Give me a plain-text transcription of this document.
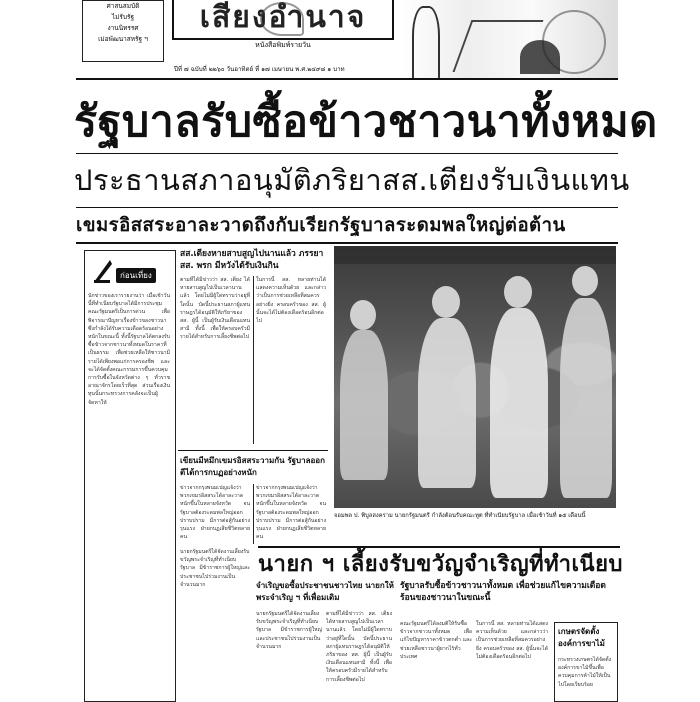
ศาสนสมบัติ
ไม่รับรัฐ
งานนิทรรศ
เม่อพัฒนาสหรัฐ ฯ
เสียงอำนาจ
หนังสือพิมพ์รายวัน
ปีที่ ๗ ฉบับที่ ๒๒๖๐ วันอาทิตย์ ที่ ๑๗ เมษายน พ.ศ.๒๔๙๘ ๑ บาท
รัฐบาลรับซื้อข้าวชาวนาทั้งหมด
ประธานสภาอนุมัติภริยาสส.เตียงรับเงินแทน
เขมรอิสสระอาละวาดถึงกับเรียกรัฐบาลระดมพลใหญ่ต่อต้าน
ก่อนเที่ยง
นักข่าวของเรารายงานว่า เมื่อเช้าวันนี้ที่ทำเนียบรัฐบาลได้มีการประชุมคณะรัฐมนตรีเป็นการด่วน เพื่อพิจารณาปัญหาเรื่องข้าวของชาวนาซึ่งกำลังได้รับความเดือดร้อนอย่างหนักในขณะนี้ ทั้งนี้รัฐบาลได้ตกลงรับซื้อข้าวจากชาวนาทั้งหมดในราคาที่เป็นธรรม เพื่อช่วยเหลือให้ชาวนามีรายได้เพียงพอแก่การครองชีพ และจะได้จัดตั้งคณะกรรมการขึ้นควบคุมการรับซื้อในจังหวัดต่าง ๆ ทั่วราชอาณาจักรโดยเร็วที่สุด ส่วนเรื่องเงินทุนนั้นกระทรวงการคลังจะเป็นผู้จัดหาให้
สส.เตียงหายสาบสูญไปนานแล้ว ภรรยา สส. พรก มีหวังได้รับเงินกิน
ตามที่ได้มีข่าวว่า สส. เตียง ได้หายสาบสูญไปเป็นเวลานานแล้ว โดยไม่มีผู้ใดทราบว่าอยู่ที่ใดนั้น บัดนี้ประธานสภาผู้แทนราษฎรได้อนุมัติให้ภริยาของ สส. ผู้นี้ เป็นผู้รับเงินเดือนแทนสามี ทั้งนี้ เพื่อให้ครอบครัวมีรายได้สำหรับการเลี้ยงชีพต่อไป
ในการนี้ สส. หลายท่านได้แสดงความเห็นด้วย และกล่าวว่าเป็นการช่วยเหลือที่สมควรอย่างยิ่ง ครอบครัวของ สส. ผู้นั้นจะได้ไม่ต้องเดือดร้อนอีกต่อไป
เขียนมีหมึกเขมรอิสสระวามกัน รัฐบาลออกตีได้การกบฏอย่างหนัก
ข่าวจากกรุงพนมเปญแจ้งว่า พวกเขมรอิสสระได้อาละวาดหนักขึ้นในหลายจังหวัด จนรัฐบาลต้องระดมพลใหญ่ออกปราบปราม มีการต่อสู้กันอย่างรุนแรง ฝ่ายกบฏเสียชีวิตหลายคน
ข่าวจากกรุงพนมเปญแจ้งว่า พวกเขมรอิสสระได้อาละวาดหนักขึ้นในหลายจังหวัด จนรัฐบาลต้องระดมพลใหญ่ออกปราบปราม มีการต่อสู้กันอย่างรุนแรง ฝ่ายกบฏเสียชีวิตหลายคน
จอมพล ป. พิบูลสงคราม นายกรัฐมนตรี กำลังต้อนรับคณะทูต ที่ทำเนียบรัฐบาล เมื่อเช้าวันที่ ๑๕ เดือนนี้
นายก ฯ เลี้ยงรับขวัญจำเริญที่ทำเนียบ
นายกรัฐมนตรีได้จัดงานเลี้ยงรับขวัญพระจำเริญที่ทำเนียบรัฐบาล มีข้าราชการผู้ใหญ่และประชาชนไปร่วมงานเป็นจำนวนมาก	จำเริญขอซื้อประชาชนชาวไทย นายกให้พระจำเริญ ฯ ที่เพื่อมเดิม
นายกรัฐมนตรีได้จัดงานเลี้ยงรับขวัญพระจำเริญที่ทำเนียบรัฐบาล มีข้าราชการผู้ใหญ่และประชาชนไปร่วมงานเป็นจำนวนมาก
ตามที่ได้มีข่าวว่า สส. เตียง ได้หายสาบสูญไปเป็นเวลานานแล้ว โดยไม่มีผู้ใดทราบว่าอยู่ที่ใดนั้น บัดนี้ประธานสภาผู้แทนราษฎรได้อนุมัติให้ภริยาของ สส. ผู้นี้ เป็นผู้รับเงินเดือนแทนสามี ทั้งนี้ เพื่อให้ครอบครัวมีรายได้สำหรับการเลี้ยงชีพต่อไป
รัฐบาลรับซื้อข้าวชาวนาทั้งหมด เพื่อช่วยแก้ไขความเดือดร้อนของชาวนาในขณะนี้
คณะรัฐมนตรีได้ลงมติให้รับซื้อข้าวจากชาวนาทั้งหมด เพื่อแก้ไขปัญหาราคาข้าวตกต่ำ และช่วยเหลือชาวนาผู้ยากไร้ทั่วประเทศ
ในการนี้ สส. หลายท่านได้แสดงความเห็นด้วย และกล่าวว่าเป็นการช่วยเหลือที่สมควรอย่างยิ่ง ครอบครัวของ สส. ผู้นั้นจะได้ไม่ต้องเดือดร้อนอีกต่อไป
เกษตรจัดตั้ง องค์การขาไม้
กระทรวงเกษตรได้จัดตั้งองค์การขาไม้ขึ้นเพื่อควบคุมการค้าไม้ให้เป็นไปโดยเรียบร้อย
